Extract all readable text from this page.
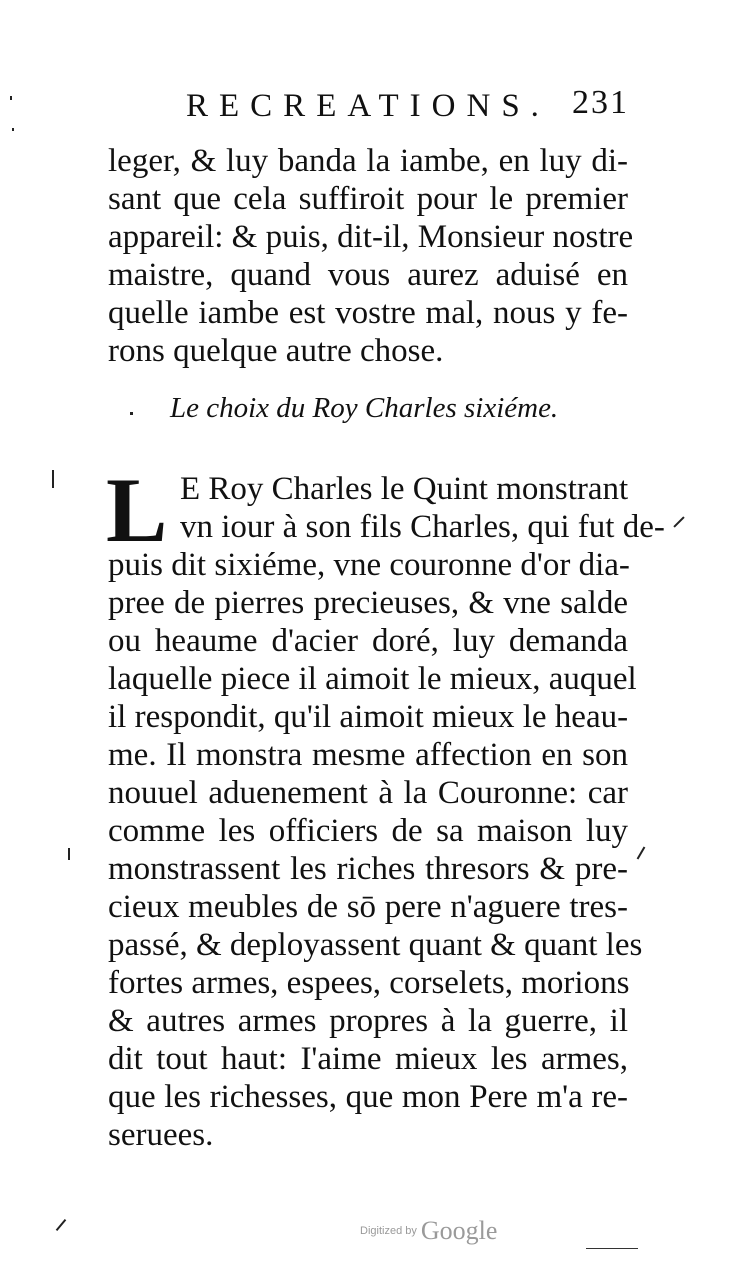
RECREATIONS. 231
leger, & luy banda la iambe, en luy di-
sant que cela suffiroit pour le premier
appareil: & puis, dit-il, Monsieur nostre
maistre, quand vous aurez aduisé en
quelle iambe est vostre mal, nous y fe-
rons quelque autre chose.
Le choix du Roy Charles sixiéme.
L E Roy Charles le Quint monstrant
vn iour à son fils Charles, qui fut de-
puis dit sixiéme, vne couronne d'or dia-
pree de pierres precieuses, & vne salde
ou heaume d'acier doré, luy demanda
laquelle piece il aimoit le mieux, auquel
il respondit, qu'il aimoit mieux le heau-
me. Il monstra mesme affection en son
nouuel aduenement à la Couronne: car
comme les officiers de sa maison luy
monstrassent les riches thresors & pre-
cieux meubles de sō pere n'aguere tres-
passé, & deployassent quant & quant les
fortes armes, espees, corselets, morions
& autres armes propres à la guerre, il
dit tout haut: I'aime mieux les armes,
que les richesses, que mon Pere m'a re-
seruees.
Digitized by Google
